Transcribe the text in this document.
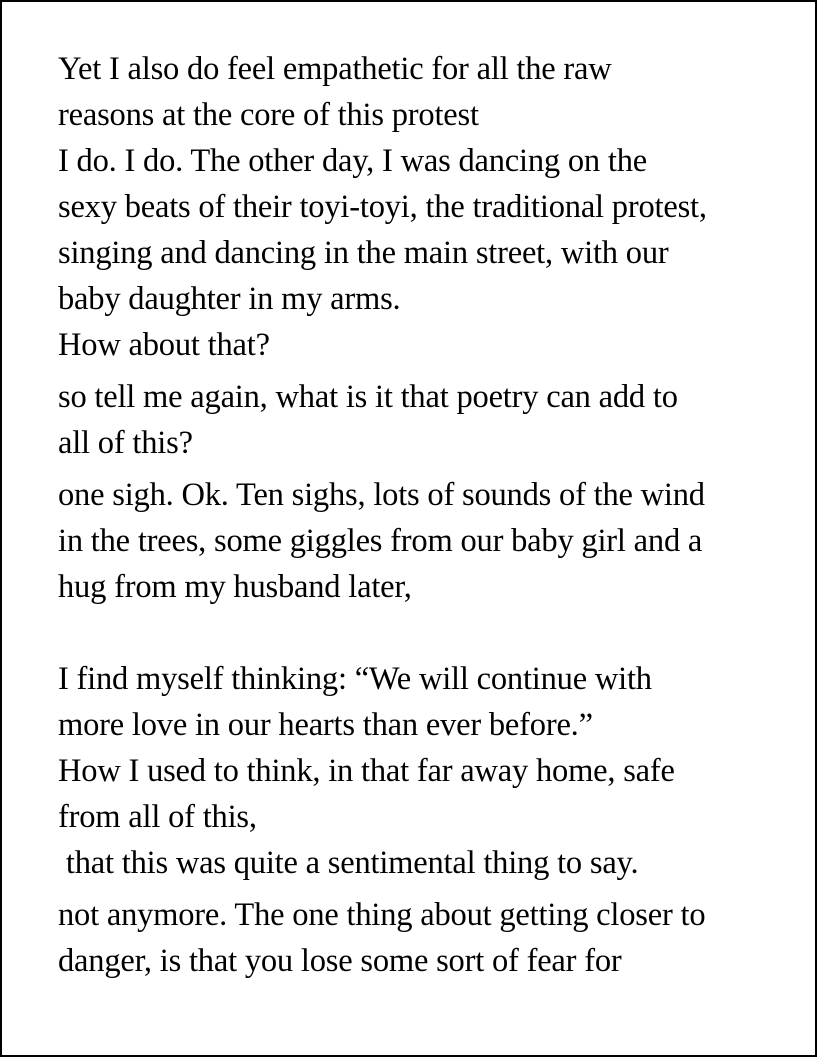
Yet I also do feel empathetic for all the raw
reasons at the core of this protest
I do. I do. The other day, I was dancing on the
sexy beats of their toyi-toyi, the traditional protest,
singing and dancing in the main street, with our
baby daughter in my arms.
How about that?
so tell me again, what is it that poetry can add to
all of this?
one sigh. Ok. Ten sighs, lots of sounds of the wind
in the trees, some giggles from our baby girl and a
hug from my husband later,
I find myself thinking: “We will continue with
more love in our hearts than ever before.”
How I used to think, in that far away home, safe
from all of this,
that this was quite a sentimental thing to say.
not anymore. The one thing about getting closer to
danger, is that you lose some sort of fear for
